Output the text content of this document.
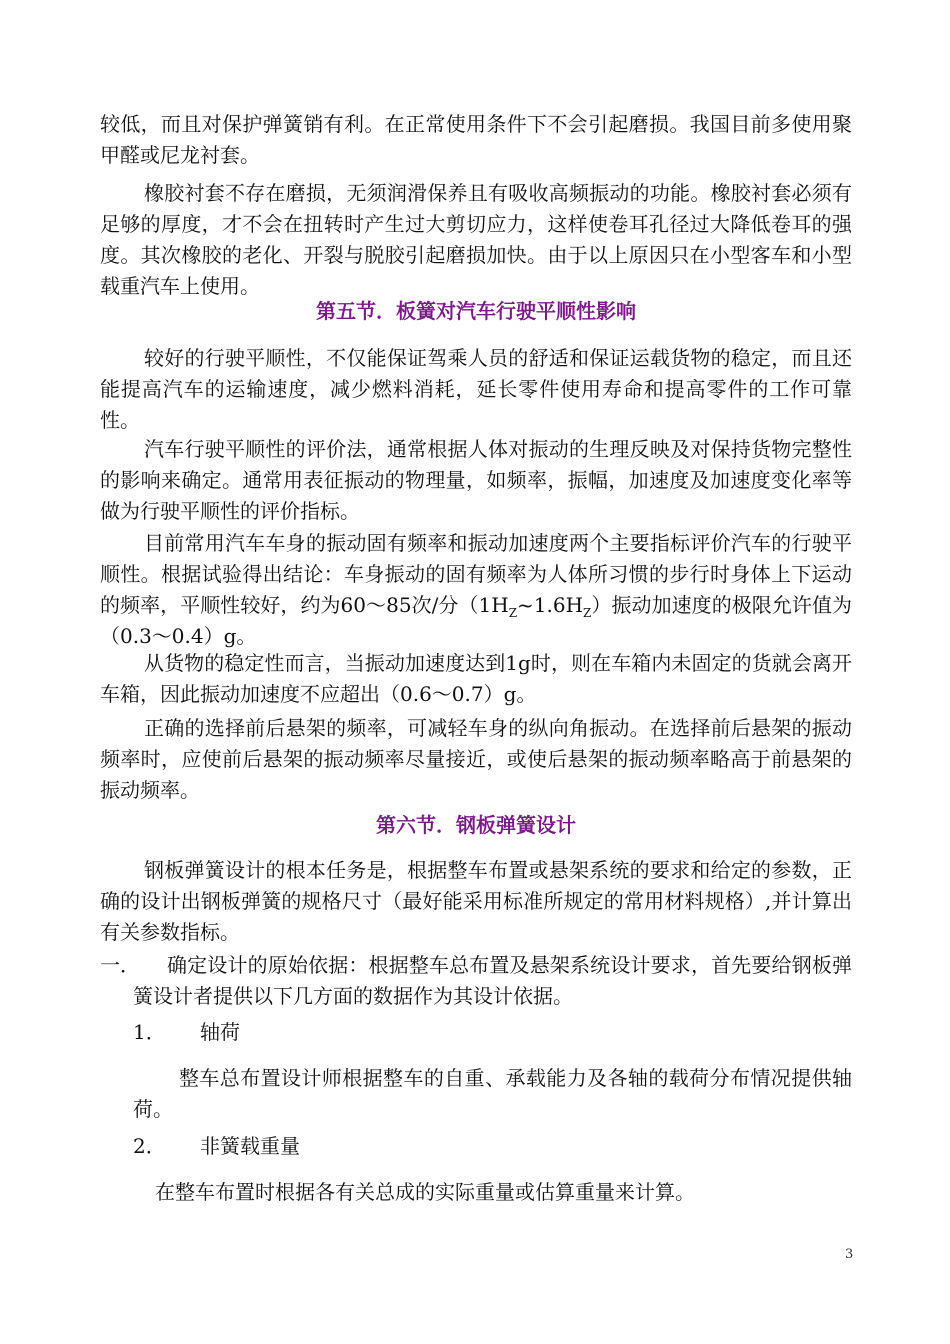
较低，而且对保护弹簧销有利。在正常使用条件下不会引起磨损。我国目前多使用聚甲醛或尼龙衬套。

橡胶衬套不存在磨损，无须润滑保养且有吸收高频振动的功能。橡胶衬套必须有足够的厚度，才不会在扭转时产生过大剪切应力，这样使卷耳孔径过大降低卷耳的强度。其次橡胶的老化、开裂与脱胶引起磨损加快。由于以上原因只在小型客车和小型载重汽车上使用。

第五节．板簧对汽车行驶平顺性影响

较好的行驶平顺性，不仅能保证驾乘人员的舒适和保证运载货物的稳定，而且还能提高汽车的运输速度，减少燃料消耗，延长零件使用寿命和提高零件的工作可靠性。

汽车行驶平顺性的评价法，通常根据人体对振动的生理反映及对保持货物完整性的影响来确定。通常用表征振动的物理量，如频率，振幅，加速度及加速度变化率等做为行驶平顺性的评价指标。

目前常用汽车车身的振动固有频率和振动加速度两个主要指标评价汽车的行驶平顺性。根据试验得出结论：车身振动的固有频率为人体所习惯的步行时身体上下运动的频率，平顺性较好，约为60～85次/分$(1H_Z\sim 1.6H_Z)$振动加速度的极限允许值为（0.3～0.4）g。

从货物的稳定性而言，当振动加速度达到1g时，则在车箱内未固定的货就会离开车箱，因此振动加速度不应超出（0.6～0.7）g。

正确的选择前后悬架的频率，可减轻车身的纵向角振动。在选择前后悬架的振动频率时，应使前后悬架的振动频率尽量接近，或使后悬架的振动频率略高于前悬架的振动频率。

第六节．钢板弹簧设计

钢板弹簧设计的根本任务是，根据整车布置或悬架系统的要求和给定的参数，正确的设计出钢板弹簧的规格尺寸（最好能采用标准所规定的常用材料规格）,并计算出有关参数指标。

一．	确定设计的原始依据：根据整车总布置及悬架系统设计要求，首先要给钢板弹簧设计者提供以下几方面的数据作为其设计依据。

1． 轴荷

整车总布置设计师根据整车的自重、承载能力及各轴的载荷分布情况提供轴荷。

2． 非簧载重量

在整车布置时根据各有关总成的实际重量或估算重量来计算。

3
